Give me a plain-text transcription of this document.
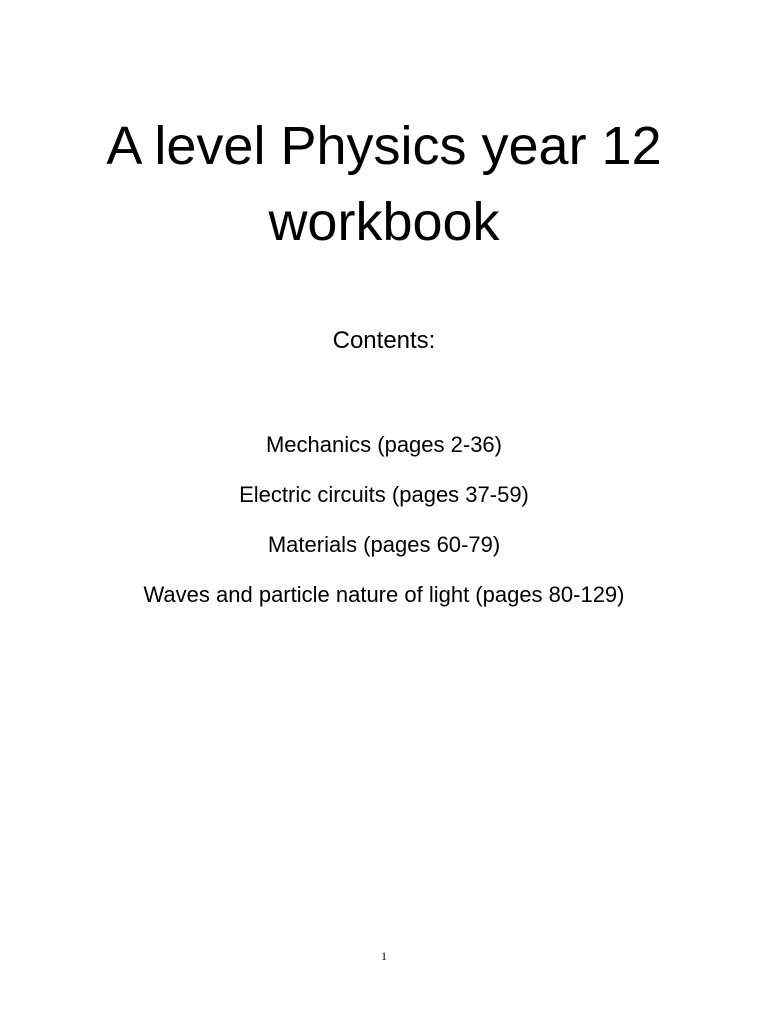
A level Physics year 12
workbook
Contents:
Mechanics (pages 2-36)
Electric circuits (pages 37-59)
Materials (pages 60-79)
Waves and particle nature of light (pages 80-129)
1
